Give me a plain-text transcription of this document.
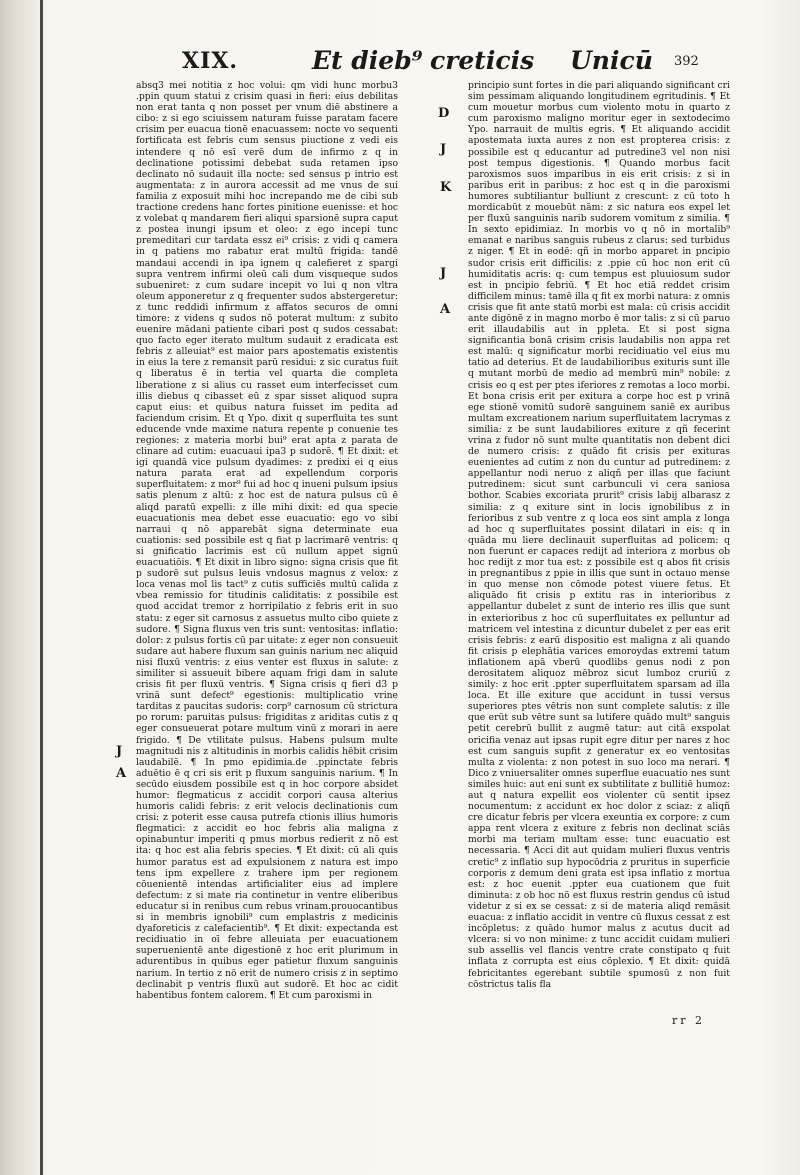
XIX.	Et dieb⁹ creticis Unicū 392

absq3 mei notitia z hoc volui: qm vidi hunc morbu3 .ppin quum statui z crisim quasi in fieri: eius debilitas non erat tanta q non posset per vnum diē abstinere a cibo: z si ego sciuissem naturam fuisse paratam facere crisim per euacua tionē enacuassem: nocte vo sequenti fortificata est febris cum sensus piuctione z vedi eis intendere q nō esī verē dum de infirmo z q in declinatione potissimi debebat suda retamen ipso declinato nō sudauit illa nocte: sed sensus p intrio est augmentata: z in aurora accessit ad me vnus de sui familia z exposuit mihi hoc increpando me de cibi sub tractione credens hanc fortes pinitione euenisse: et hoc z volebat q mandarem fieri aliqui sparsionē supra caput z postea inungi ipsum et oleo: z ego incepi tunc premeditari cur tardata essz ei⁹ crisis: z vidi q camera in q patiens mo rabatur erat multū frigida: tandē mandaui accendi in ipa ignem q calefieret z spargi supra ventrem infirmi oleū cali dum visqueque sudos subueniret: z cum sudare incepit vo lui q non vltra oleum apponeretur z q frequenter sudos abstergeretur: z tunc reddidi infirmum z affatos securos de omni timore: z videns q sudos nō poterat multum: z subito euenire mādani patiente cibari post q sudos cessabat: quo facto eger iterato multum sudauit z eradicata est febris z alleuiat⁹ est maior pars apostematis existentis in eius la tere z remansit parū residui: z sic curatus fuit q liberatus ē in tertia vel quarta die completa liberatione z si alius cu rasset eum interfecisset cum illis diebus q cibasset eū z spar sisset aliquod supra caput eius: et quibus natura fuisset im pedita ad faciendum crisim. Et q Ypo. dixit q superfluita tes sunt educende vnde maxime natura repente p conuenie tes regiones: z materia morbi bui⁹ erat apta z parata de clinare ad cutim: euacuaui ipa3 p sudorē. ¶ Et dixit: et igi quandā vice pulsum dyadimes: z predixi ei q eius natura parata erat ad expellendum corporis superfluitatem: z mor⁹ fui ad hoc q inueni pulsum ipsius satis plenum z altū: z hoc est de natura pulsus cū ē aliqd paratū expelli: z ille mihi dixit: ed qua specie euacuationis mea debet esse euacuatio: ego vo sibi narraui q nō apparebāt signa determinate eua cuationis: sed possibile est q fiat p lacrimarē ventris: q si gnificatio lacrimis est cū nullum appet signū euacuatiōis. ¶ Et dixit in libro signo: signa crisis que fit p sudorē sut pulsus leuis vndosus magnus z velox: z loca venas mol lis tact⁹ z cutis sufficiēs multū calida z vbea remissio for titudinis caliditatis: z possibile est quod accidat tremor z horripilatio z febris erit in suo statu: z eger sit carnosus z assuetus multo cibo quiete z sudore. ¶ Signa fluxus ven tris sunt: ventositas: inflatio: dolor: z pulsus fortis cū par uitate: z eger non consueuit sudare aut habere fluxum san guinis narium nec aliquid nisi fluxū ventris: z eius venter est fluxus in salute: z similiter si assueuit bibere aquam frigi dam in salute crisis fit per fluxū ventris. ¶ Signa crisis q fieri d3 p vrinā sunt defect⁹ egestionis: multiplicatio vrine tarditas z paucitas sudoris: corp⁹ carnosum cū strictura po rorum: paruitas pulsus: frigiditas z ariditas cutis z q eger consueuerat potare multum vinū z morari in aere frigido. ¶ De vtilitate pulsus. Habens pulsum multe magnitudi nis z altitudinis in morbis calidis hēbit crisim laudabilē. ¶ In pmo epidimia.de .ppinctate febris aduētio ē q cri sis erit p fluxum sanguinis narium. ¶ In secūdo eiusdem possibile est q in hoc corpore absidet humor: flegmaticus z accidit corpori causa alterius humoris calidi febris: z erit velocis declinationis cum crisi: z poterit esse causa putrefa ctionis illius humoris flegmatici: z accidit eo hoc febris alia maligna z opinabuntur imperiti q pmus morbus redierit z nō est ita: q hoc est alia febris species. ¶ Et dixit: cū ali quis humor paratus est ad expulsionem z natura est impo tens ipm expellere z trahere ipm per regionem cōuenientē intendas artificialiter eius ad implere defectum: z si mate ria continetur in ventre eliberibus educatur si in renibus cum rebus vrinam.prouocantibus si in membris ignobili⁹ cum emplastris z medicinis dyaforeticis z calefacientib⁹. ¶ Et dixit: expectanda est recidiuatio in oī febre alleuiata per euacuationem superuenientē ante digestionē z hoc erit plurimum in adurentibus in quibus eger patietur fluxum sanguinis narium. In tertio z nō erit de numero crisis z in septimo declinabit p ventris fluxū aut sudorē. Et hoc ac cidit habentibus fontem calorem. ¶ Et cum paroxismi in

principio sunt fortes in die pari aliquando significant cri sim pessimam aliquando longitudinem egritudinis. ¶ Et cum mouetur morbus cum violento motu in quarto z cum paroxismo maligno moritur eger in sextodecimo Ypo. narrauit de multis egris. ¶ Et aliquando accidit apostemata iuxta aures z non est propterea crisis: z possibile est q educantur ad putredine3 vel non nisi post tempus digestionis. ¶ Quando morbus facit paroxismos suos imparibus in eis erit crisis: z si in paribus erit in paribus: z hoc est q in die paroxismi humores subtiliantur bulliunt z crescunt: z cū toto h mordicabūt z mouebūt nām: z sic natura eos expel let per fluxū sanguinis narib sudorem vomitum z similia. ¶ In sexto epidimiaz. In morbis vo q nō in mortalib⁹ emanat e naribus sanguis rubeus z clarus: sed turbidus z niger. ¶ Et in eodē: qñ in morbo apparet in pncipio sudor crisis erit difficilis: z .ppie cū hoc non erit cū humiditatis acris: q: cum tempus est pluuiosum sudor est in pncipio febriū. ¶ Et hoc etiā reddet crisim difficilem minus: tamē illa q fit ex morbi natura: z omnis crisis que fit ante statū morbi est mala: cū crisis accidit ante digōnē z in magno morbo ē mor talis: z si cū paruo erit illaudabilis aut in ppleta. Et si post signa significantia bonā crisim crisis laudabilis non appa ret est malū: q significatur morbi recidiuatio vel eius mu tatio ad deterius. Et de laudabilioribus exituris sunt ille q mutant morbū de medio ad membrū min⁹ nobile: z crisis eo q est per ptes iferiores z remotas a loco morbi. Et bona crisis erit per exitura a corpe hoc est p vrinā ege stionē vomitū sudorē sanguinem saniē ex auribus multam excreationem narium superfluitatem lacrymas z similia: z be sunt laudabiliores exiture z qñ fecerint vrina z fudor nō sunt multe quantitatis non debent dici de numero crisis: z quādo fit crisis per exituras euenientes ad cutim z non du cuntur ad putredinem: z appellantur nodi neruo z aliqñ per illas que faciunt putredinem: sicut sunt carbunculi vi cera saniosa bothor. Scabies excoriata prurit⁹ crisis labij albarasz z similia: z q exiture sint in locis ignobilibus z in ferioribus z sub ventre z q loca eos sint ampla z longa ad hoc q superfluitates possint dilatari in eis: q in quāda mu liere declinauit superfluitas ad policem: q non fuerunt er capaces redijt ad interiora z morbus ob hoc redijt z mor tua est: z possibile est q abos fit crisis in pregnantibus z ppie in illis que sunt in octauo mense in quo mense non cōmode potest viuere fetus. Et aliquādo fit crisis p extitu ras in interioribus z appellantur dubelet z sunt de interio res illis que sunt in exterioribus z hoc cū superfluitates ex pelluntur ad matricem vel intestina z dicuntur dubelet z per eas erit crisis febris: z earū dispositio est maligna z ali quando fit crisis p elephātia varices emoroydas extremi tatum inflationem apā vberū quodlibs genus nodi z pon derositatem aliquoz mēbroz sicut lumboz cruriū z simily: z hoc erit .ppter superfluitatem sparsam ad illa loca. Et ille exiture que accidunt in tussi versus superiores ptes vētris non sunt complete salutis: z ille que erūt sub vētre sunt sa lutifere quādo mult⁹ sanguis petit cerebrū bullit z augmē tatur: aut citā exspolat oricifia venaz aut ipsas rupit egre ditur per nares z hoc est cum sanguis supfit z generatur ex eo ventositas multa z violenta: z non potest in suo loco ma nerari. ¶ Dico z vniuersaliter omnes superflue euacuatio nes sunt similes huic: aut eni sunt ex subtilitate z bullitiē humoz: aut q natura expellit eos violenter cū sentit ipsez nocumentum: z accidunt ex hoc dolor z sciaz: z aliqñ cre dicatur febris per vlcera exeuntia ex corpore: z cum appa rent vlcera z exiture z febris non declinat sciās morbi ma teriam multam esse: tunc euacuatio est necessaria. ¶ Acci dit aut quidam mulieri fluxus ventris cretic⁹ z inflatio sup hypocōdria z pruritus in superficie corporis z demum deni grata est ipsa inflatio z mortua est: z hoc euenit .ppter eua cuationem que fuit diminuta: z ob hoc nō est fluxus restrin gendus cū istud videtur z si ex se cessat: z si de materia aliqd remāsit euacua: z inflatio accidit in ventre cū fluxus cessat z est incōpletus: z quādo humor malus z acutus ducit ad vlcera: si vo non minime: z tunc accidit cuidam mulieri sub assellis vel flancis ventre crate constipato q fuit inflata z corrupta est eius cōplexio. ¶ Et dixit: quidā febricitantes egerebant subtile spumosū z non fuit cōstrictus talis fla

D
J
K
J
A
J
A
rr 2
